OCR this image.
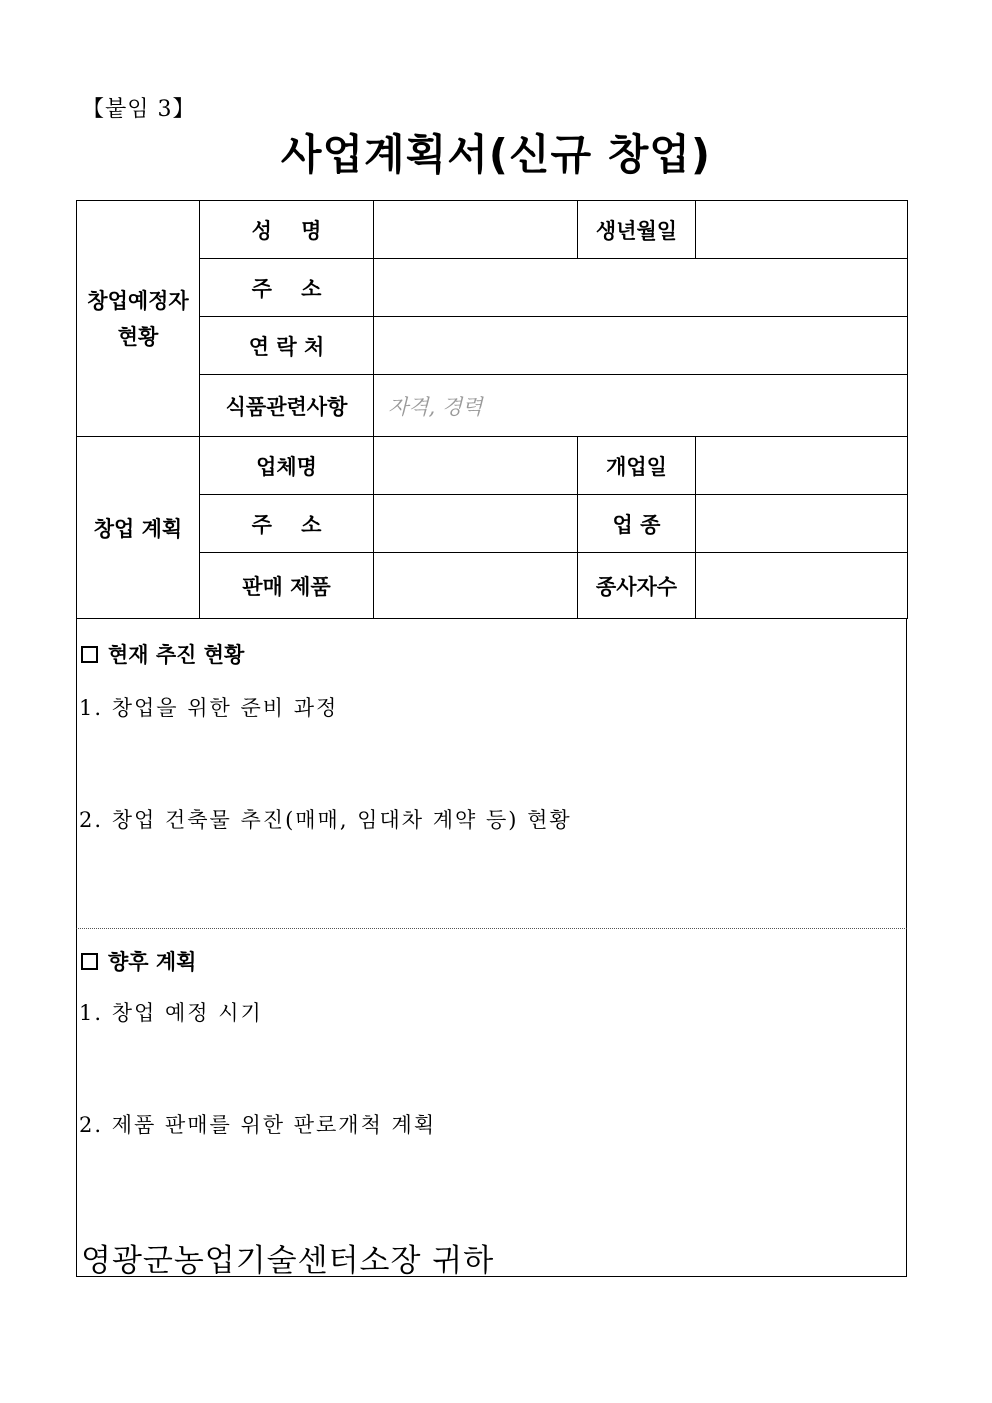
【붙임 3】
사업계획서(신규 창업)
창업예정자 현황	성    명		생년월일	
	주    소			
	연 락 처			
	식품관련사항	자격, 경력		
창업 계획	업체명		개업일	
	주    소		업 종	
	판매 제품		종사자수	
현재 추진 현황
1. 창업을 위한 준비 과정
2. 창업 건축물 추진(매매, 임대차 계약 등) 현황
향후 계획
1. 창업 예정 시기
2. 제품 판매를 위한 판로개척 계획
영광군농업기술센터소장 귀하
